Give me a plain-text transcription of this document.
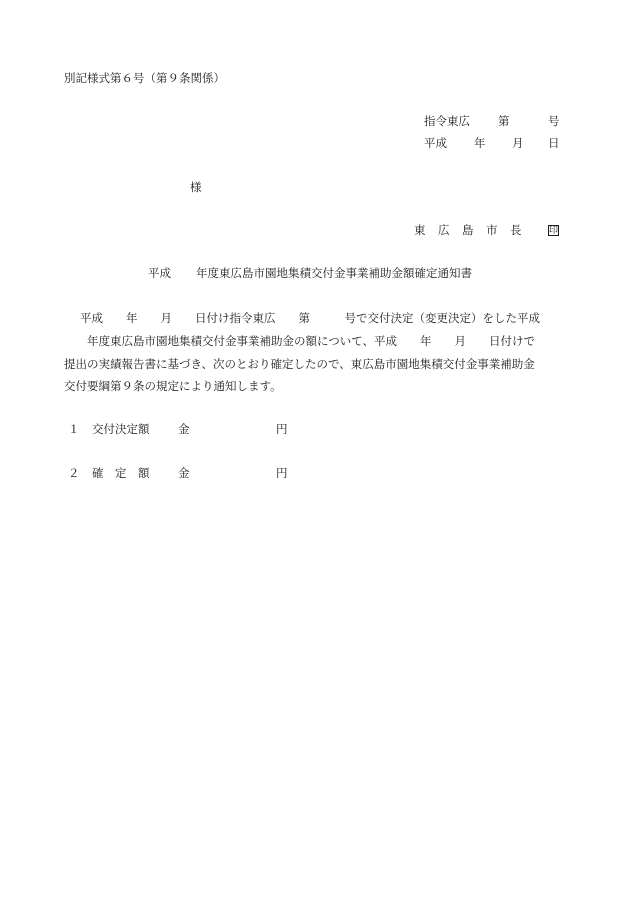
別記様式第６号（第９条関係）
指令東広 第	号
平成 年 月 日
様
東 広 島 市 長	印
平成 年度東広島市園地集積交付金事業補助金額確定通知書
平成　　年　　月　　日付け指令東広　　第　　　号で交付決定（変更決定）をした平成
　　年度東広島市園地集積交付金事業補助金の額について、平成　　年　　月　　日付けで
提出の実績報告書に基づき、次のとおり確定したので、東広島市園地集積交付金事業補助金
交付要綱第９条の規定により通知します。
１ 交付決定額 金	円
２ 確　定　額 金	円
